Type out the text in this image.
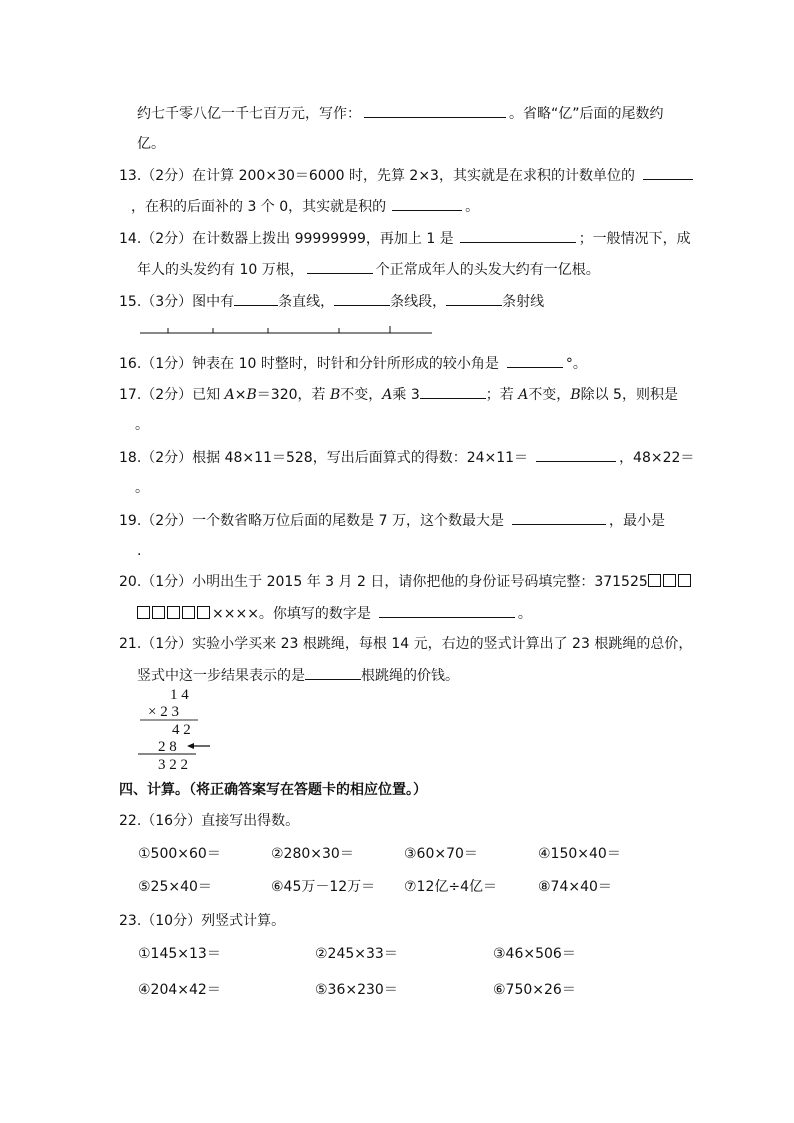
约七千零八亿一千七百万元，写作：	。省略“亿”后面的尾数约
亿。
13.（2分）在计算 200×30＝6000 时，先算 2×3，其实就是在求积的计数单位的
，在积的后面补的 3 个 0，其实就是积的	。
14.（2分）在计数器上拨出 99999999，再加上 1 是	；一般情况下，成
年人的头发约有 10 万根，	个正常成年人的头发大约有一亿根。
15.（3分）图中有	条直线，	条线段，	条射线
16.（1分）钟表在 10 时整时，时针和分针所形成的较小角是	°。
17.（2分）已知 A×B＝320，若 B不变，A乘 3	；若 A不变，B除以 5，则积是
。
18.（2分）根据 48×11＝528，写出后面算式的得数：24×11＝	，48×22＝
。
19.（2分）一个数省略万位后面的尾数是 7 万，这个数最大是	，最小是
.
20.（1分）小明出生于 2015 年 3 月 2 日，请你把他的身份证号码填完整：371525
××××。你填写的数字是	。
21.（1分）实验小学买来 23 根跳绳，每根 14 元，右边的竖式计算出了 23 根跳绳的总价，
竖式中这一步结果表示的是	根跳绳的价钱。
1 4
× 2 3
4 2
2 8
3 2 2
四、计算。（将正确答案写在答题卡的相应位置。）
22.（16分）直接写出得数。
①500×60＝	②280×30＝	③60×70＝	④150×40＝
⑤25×40＝	⑥45万－12万＝ ⑦12亿÷4亿＝	⑧74×40＝
23.（10分）列竖式计算。
①145×13＝	②245×33＝	③46×506＝
④204×42＝	⑤36×230＝	⑥750×26＝
